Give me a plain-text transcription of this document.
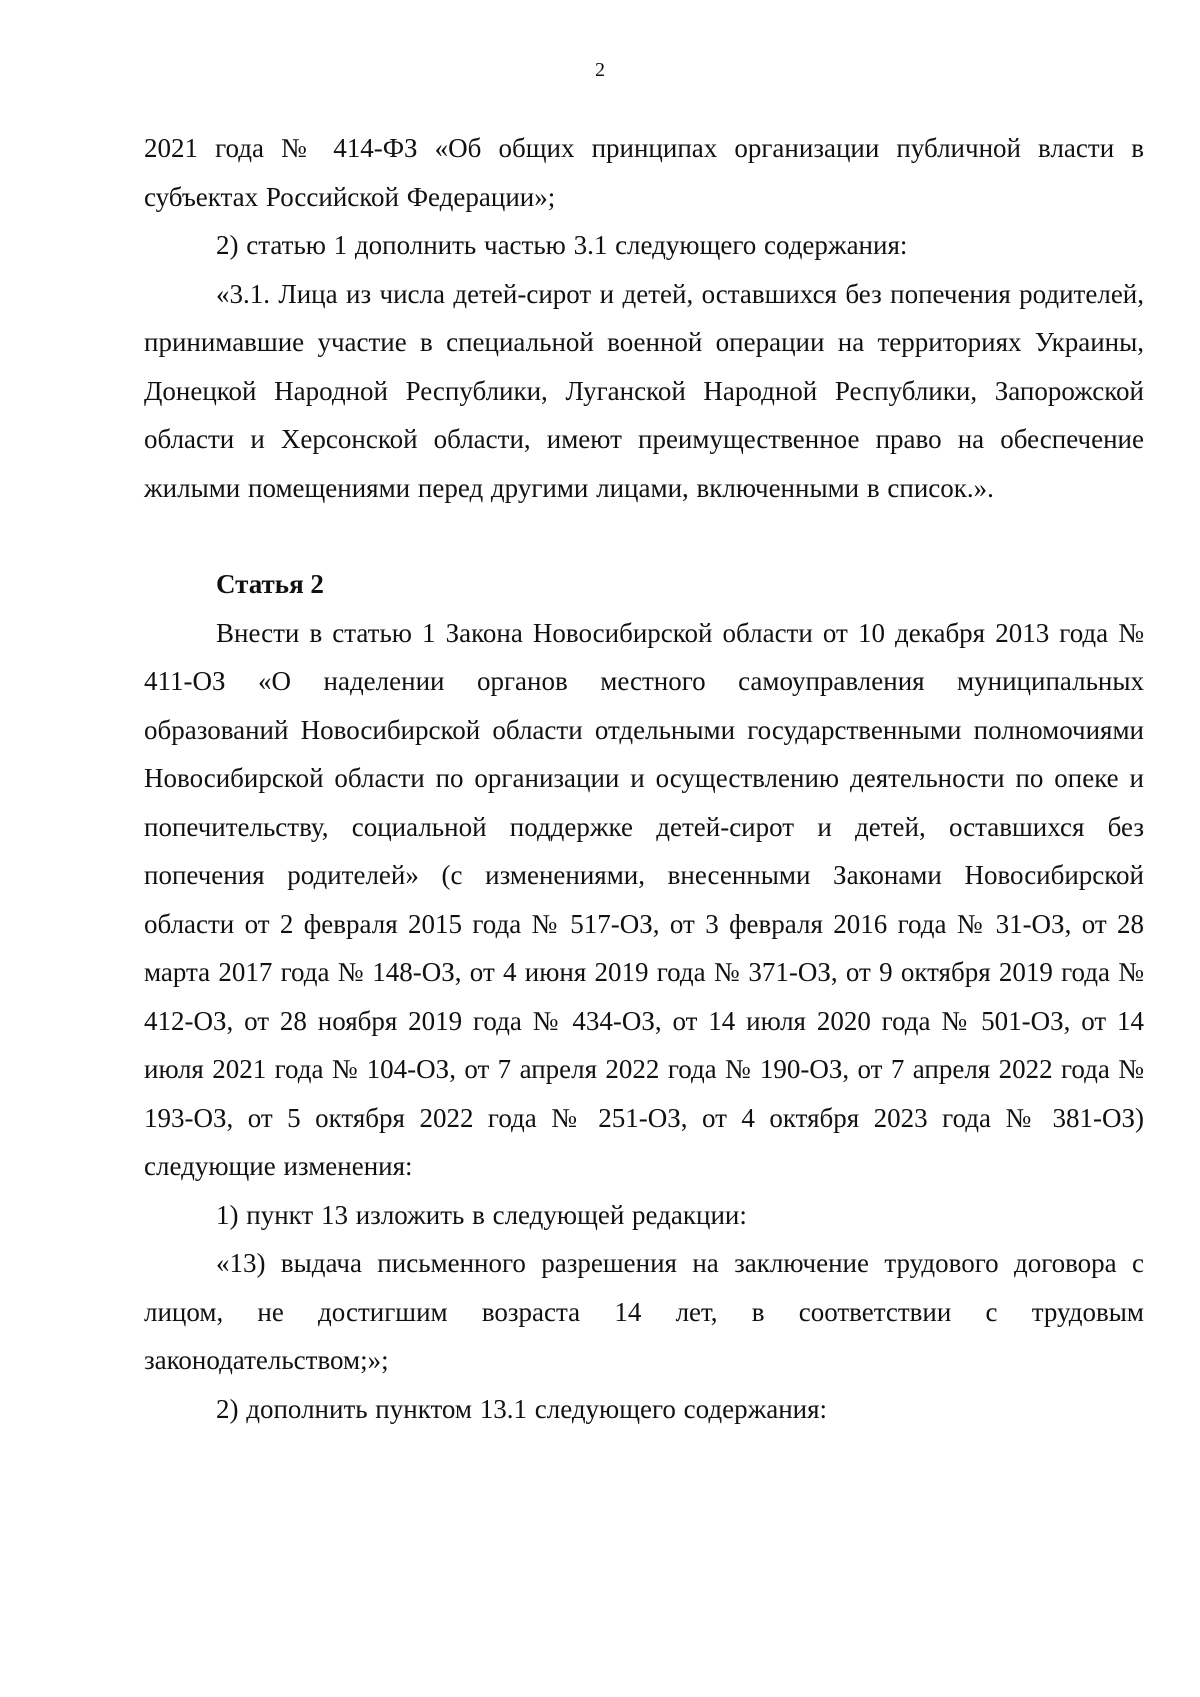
2

2021 года № 414-ФЗ «Об общих принципах организации публичной власти в субъектах Российской Федерации»;

2) статью 1 дополнить частью 3.1 следующего содержания:

«3.1. Лица из числа детей-сирот и детей, оставшихся без попечения родителей, принимавшие участие в специальной военной операции на территориях Украины, Донецкой Народной Республики, Луганской Народной Республики, Запорожской области и Херсонской области, имеют преимущественное право на обеспечение жилыми помещениями перед другими лицами, включенными в список.».

Статья 2

Внести в статью 1 Закона Новосибирской области от 10 декабря 2013 года № 411-ОЗ «О наделении органов местного самоуправления муниципальных образований Новосибирской области отдельными государственными полномочиями Новосибирской области по организации и осуществлению деятельности по опеке и попечительству, социальной поддержке детей-сирот и детей, оставшихся без попечения родителей» (с изменениями, внесенными Законами Новосибирской области от 2 февраля 2015 года № 517-ОЗ, от 3 февраля 2016 года № 31-ОЗ, от 28 марта 2017 года № 148-ОЗ, от 4 июня 2019 года № 371-ОЗ, от 9 октября 2019 года № 412-ОЗ, от 28 ноября 2019 года № 434-ОЗ, от 14 июля 2020 года № 501-ОЗ, от 14 июля 2021 года № 104-ОЗ, от 7 апреля 2022 года № 190-ОЗ, от 7 апреля 2022 года № 193-ОЗ, от 5 октября 2022 года № 251-ОЗ, от 4 октября 2023 года № 381-ОЗ) следующие изменения:

1) пункт 13 изложить в следующей редакции:

«13) выдача письменного разрешения на заключение трудового договора с лицом, не достигшим возраста 14 лет, в соответствии с трудовым законодательством;»;

2) дополнить пунктом 13.1 следующего содержания:
